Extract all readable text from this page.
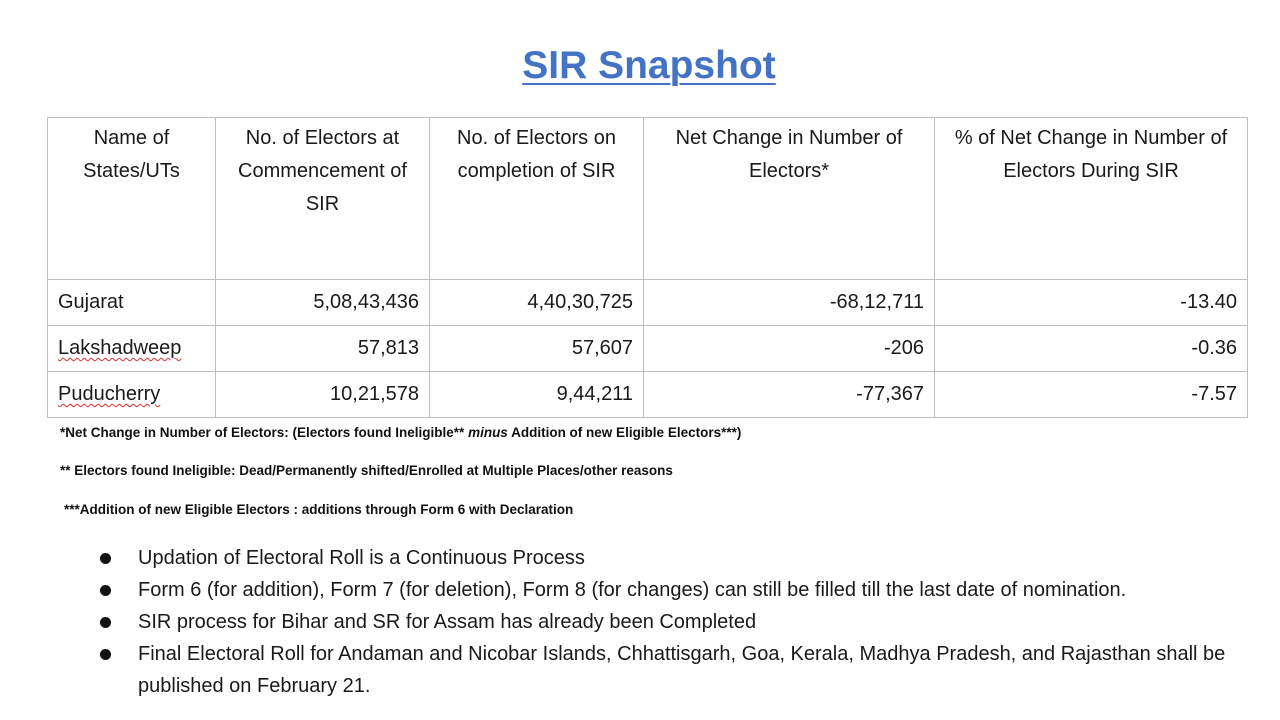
SIR Snapshot
Name of States/UTs	No. of Electors at Commencement of SIR	No. of Electors on completion of SIR	Net Change in Number of Electors*	% of Net Change in Number of Electors During SIR
Gujarat	5,08,43,436	4,40,30,725	-68,12,711	-13.40
Lakshadweep	57,813	57,607	-206	-0.36
Puducherry	10,21,578	9,44,211	-77,367	-7.57
*Net Change in Number of Electors: (Electors found Ineligible** minus Addition of new Eligible Electors***)
** Electors found Ineligible: Dead/Permanently shifted/Enrolled at Multiple Places/other reasons
***Addition of new Eligible Electors : additions through Form 6 with Declaration
Updation of Electoral Roll is a Continuous Process
Form 6 (for addition), Form 7 (for deletion), Form 8 (for changes) can still be filled till the last date of nomination.
SIR process for Bihar and SR for Assam has already been Completed
Final Electoral Roll for Andaman and Nicobar Islands, Chhattisgarh, Goa, Kerala, Madhya Pradesh, and Rajasthan shall be published on February 21.
